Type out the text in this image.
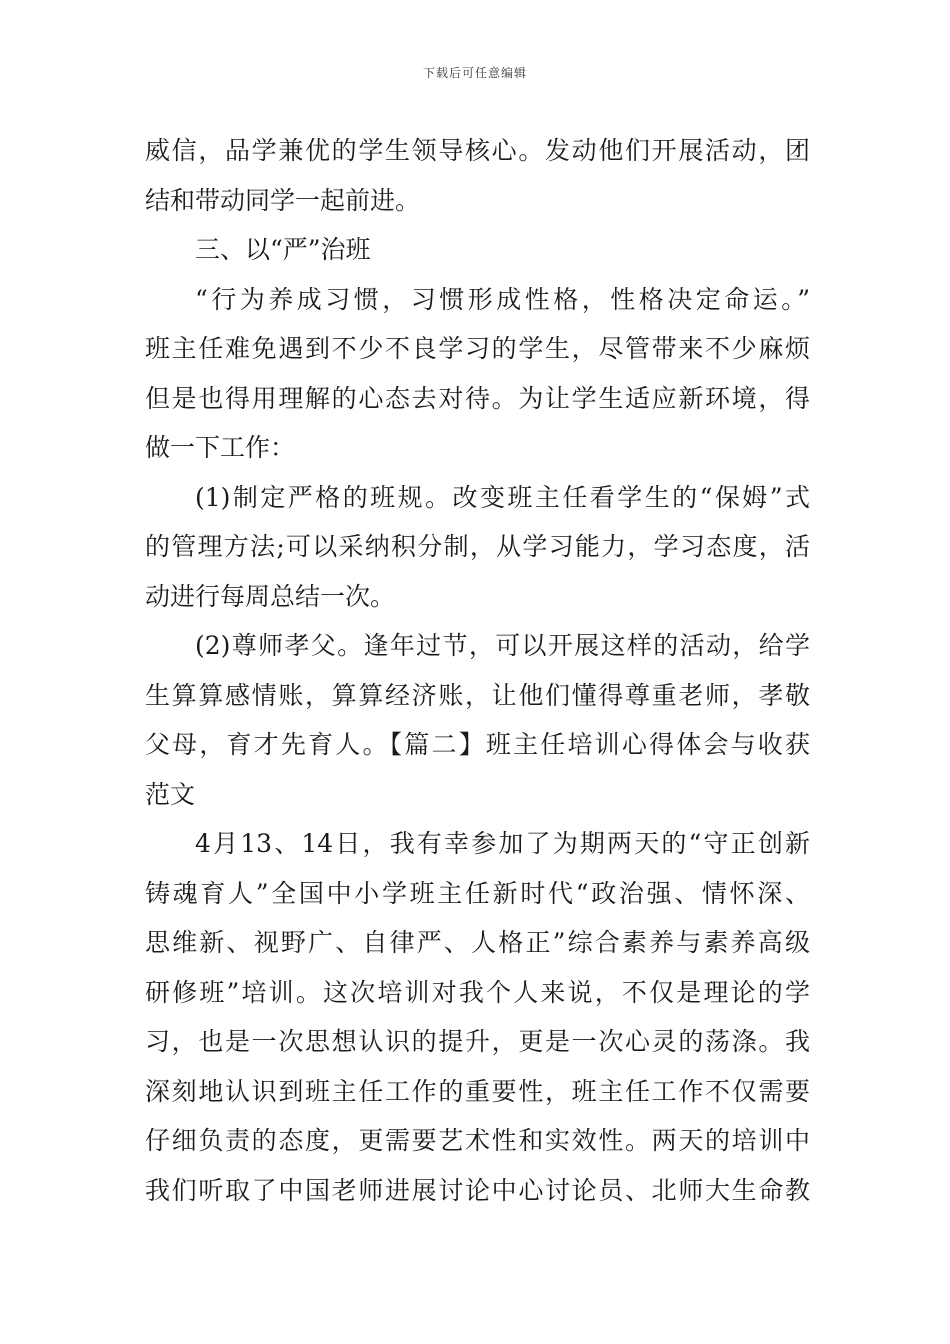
下载后可任意编辑
威信，品学兼优的学生领导核心。发动他们开展活动，团
结和带动同学一起前进。
三、以“严”治班
“行为养成习惯，习惯形成性格，性格决定命运。”
班主任难免遇到不少不良学习的学生，尽管带来不少麻烦
但是也得用理解的心态去对待。为让学生适应新环境，得
做一下工作：
(1)制定严格的班规。改变班主任看学生的“保姆”式
的管理方法;可以采纳积分制，从学习能力，学习态度，活
动进行每周总结一次。
(2)尊师孝父。逢年过节，可以开展这样的活动，给学
生算算感情账，算算经济账，让他们懂得尊重老师，孝敬
父母，育才先育人。【篇二】班主任培训心得体会与收获
范文
4月13、14日，我有幸参加了为期两天的“守正创新
铸魂育人”全国中小学班主任新时代“政治强、情怀深、
思维新、视野广、自律严、人格正”综合素养与素养高级
研修班”培训。这次培训对我个人来说，不仅是理论的学
习，也是一次思想认识的提升，更是一次心灵的荡涤。我
深刻地认识到班主任工作的重要性，班主任工作不仅需要
仔细负责的态度，更需要艺术性和实效性。两天的培训中
我们听取了中国老师进展讨论中心讨论员、北师大生命教
